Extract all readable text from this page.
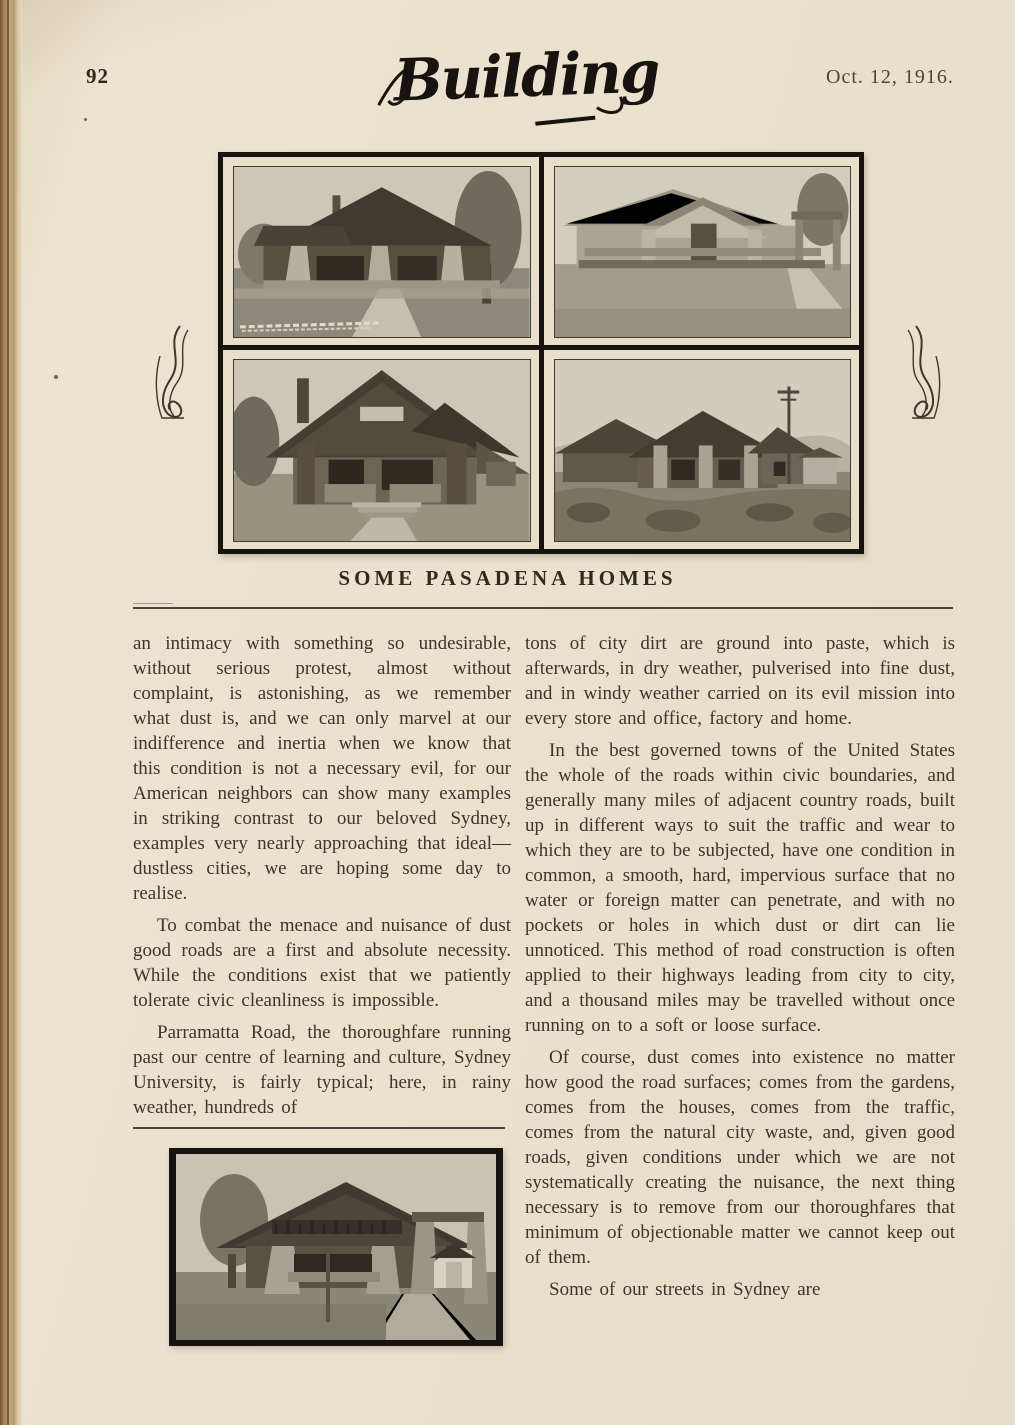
92	Building	Oct. 12, 1916.
SOME PASADENA HOMES

an intimacy with something so undesirable, without serious protest, almost without complaint, is astonishing, as we remember what dust is, and we can only marvel at our indifference and inertia when we know that this condition is not a necessary evil, for our American neighbors can show many examples in striking contrast to our beloved Sydney, examples very nearly approaching that ideal—dustless cities, we are hoping some day to realise.

To combat the menace and nuisance of dust good roads are a first and absolute necessity. While the conditions exist that we patiently tolerate civic cleanliness is impossible.

Parramatta Road, the thoroughfare running past our centre of learning and culture, Sydney University, is fairly typical; here, in rainy weather, hundreds of

tons of city dirt are ground into paste, which is afterwards, in dry weather, pulverised into fine dust, and in windy weather carried on its evil mission into every store and office, factory and home.

In the best governed towns of the United States the whole of the roads within civic boundaries, and generally many miles of adjacent country roads, built up in different ways to suit the traffic and wear to which they are to be subjected, have one condition in common, a smooth, hard, impervious surface that no water or foreign matter can penetrate, and with no pockets or holes in which dust or dirt can lie unnoticed. This method of road construction is often applied to their highways leading from city to city, and a thousand miles may be travelled without once running on to a soft or loose surface.

Of course, dust comes into existence no matter how good the road surfaces; comes from the gardens, comes from the houses, comes from the traffic, comes from the natural city waste, and, given good roads, given conditions under which we are not systematically creating the nuisance, the next thing necessary is to remove from our thoroughfares that minimum of objectionable matter we cannot keep out of them.

Some of our streets in Sydney are
